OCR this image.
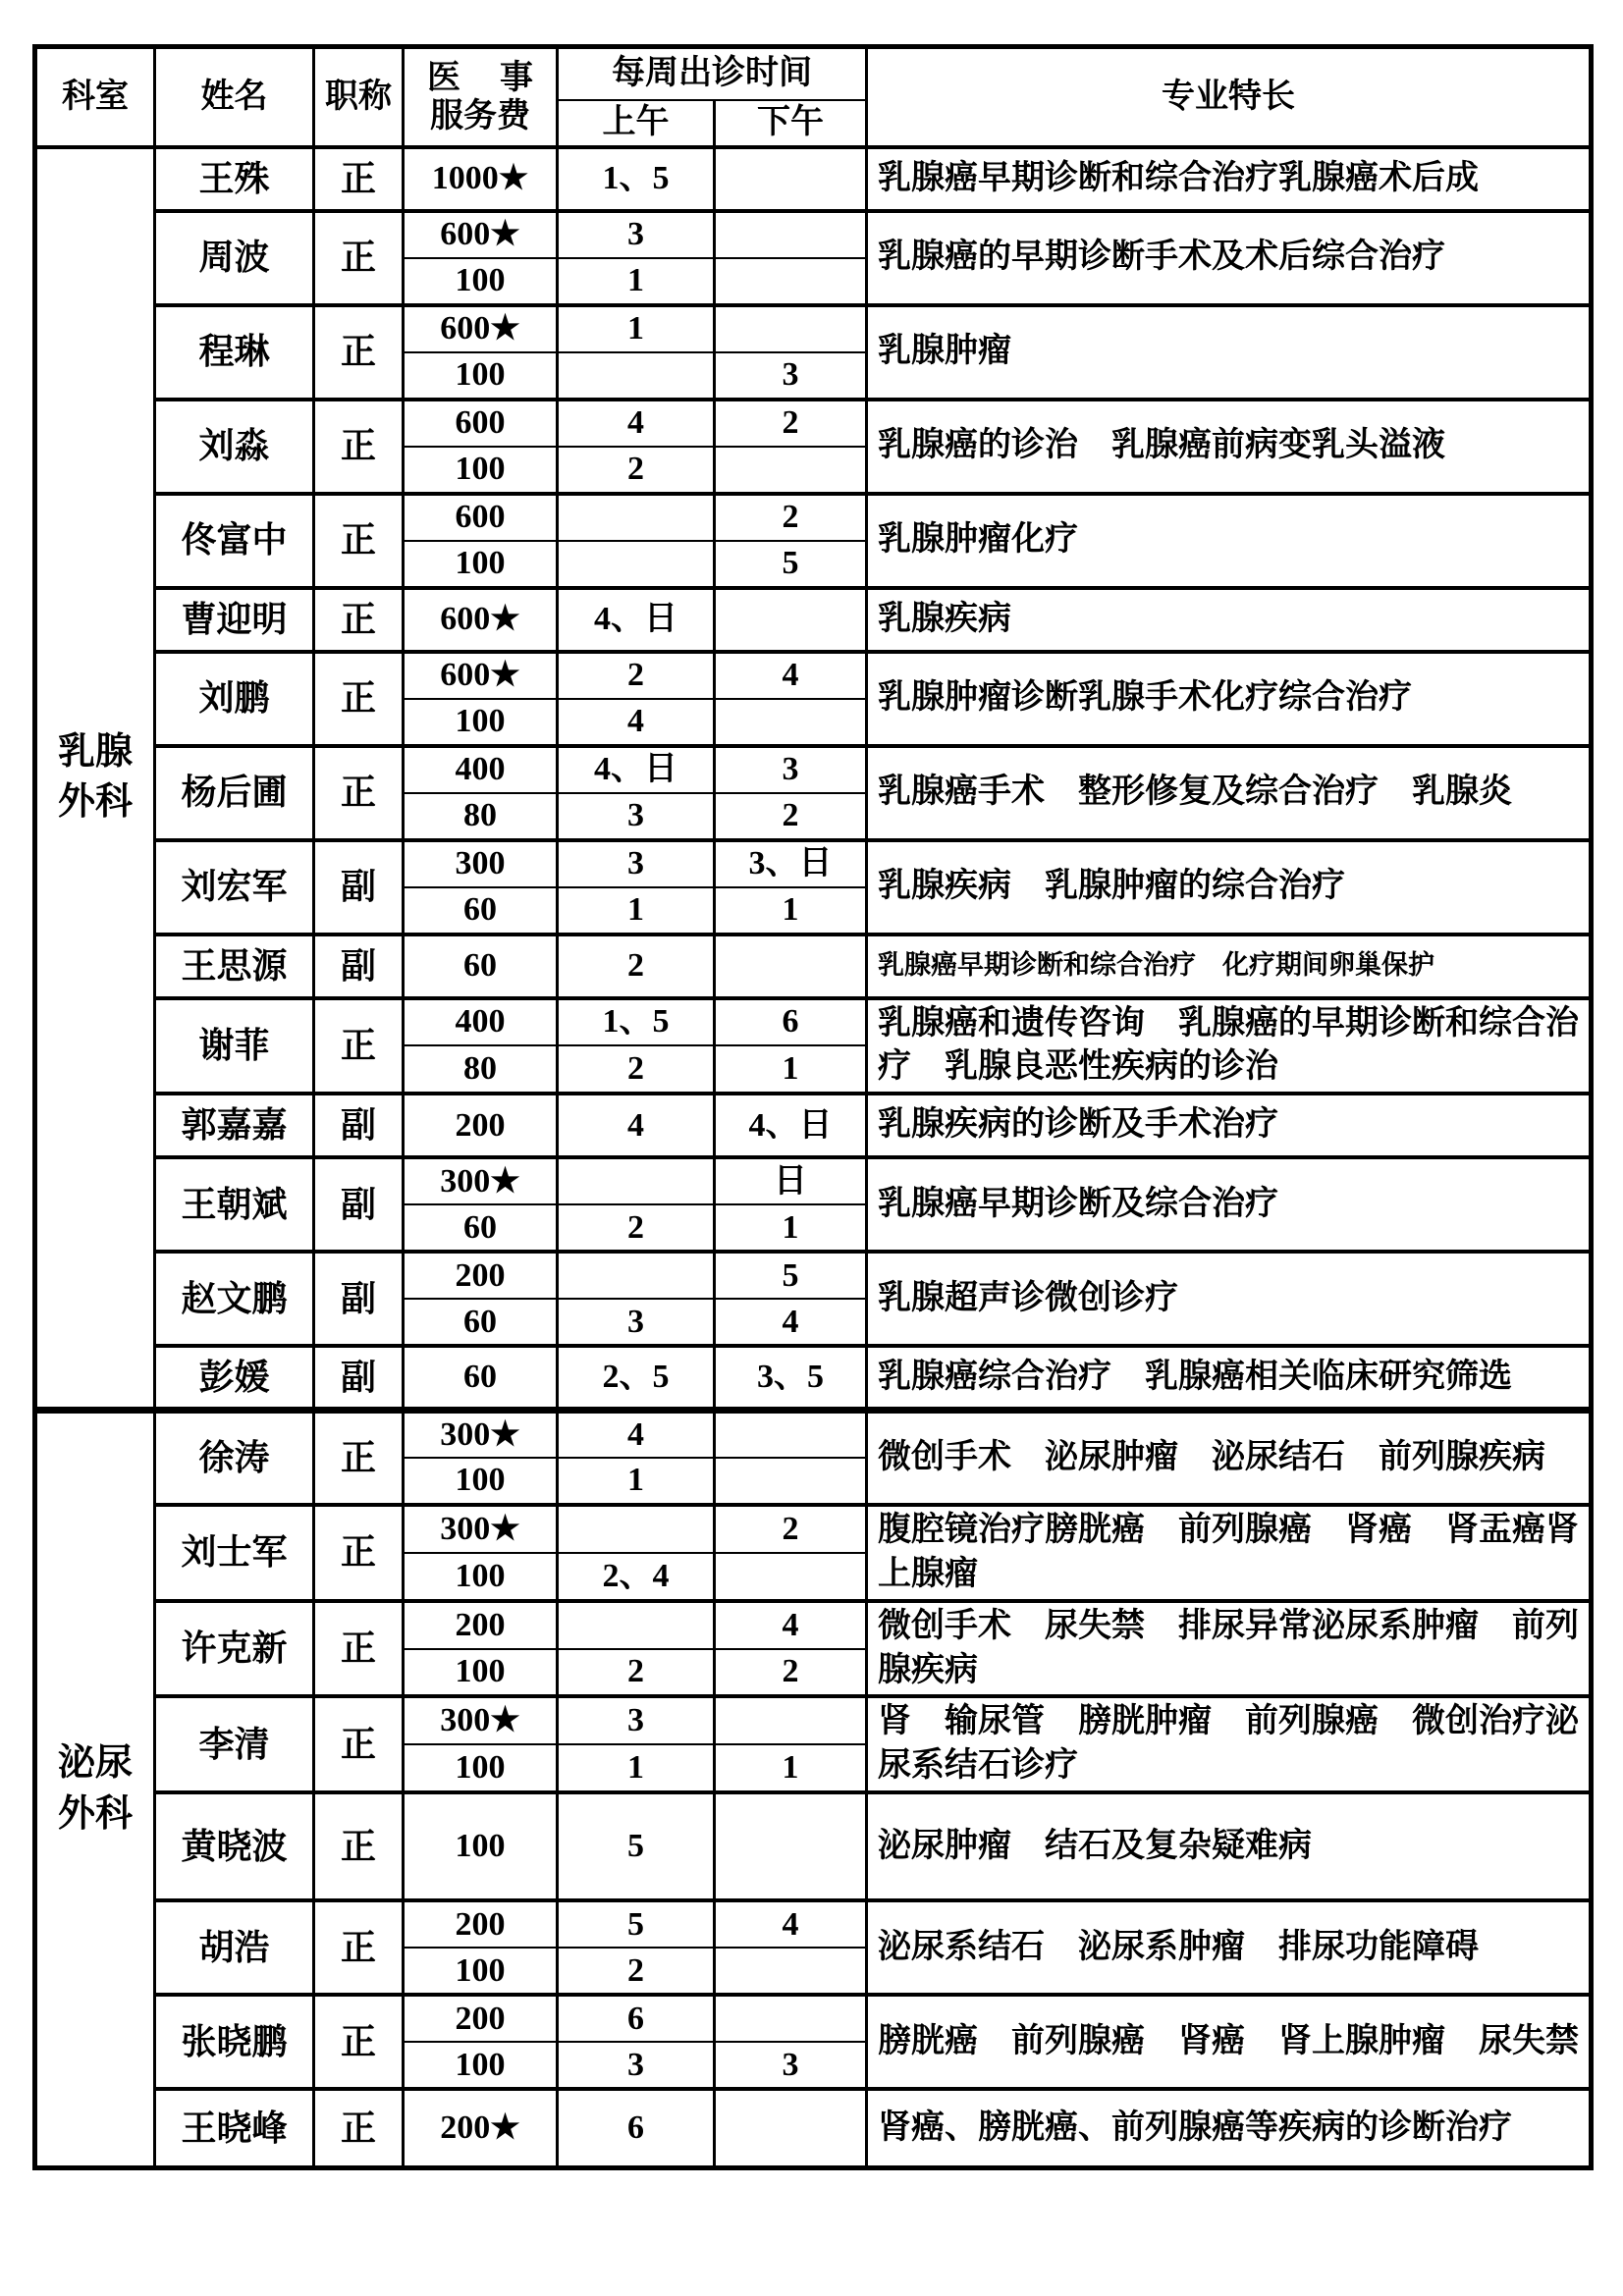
科室	姓名	职称	医 事
服务费	每周出诊时间		专业特长
				上午	下午	

乳腺
外科	王殊	正	1000★	1、5		乳腺癌早期诊断和综合治疗乳腺癌术后成
	周波	正	600★	3		乳腺癌的早期诊断手术及术后综合治疗
			100	1		
	程琳	正	600★	1		乳腺肿瘤
			100		3	
	刘淼	正	600	4	2	乳腺癌的诊治　乳腺癌前病变乳头溢液
			100	2		
	佟富中	正	600		2	乳腺肿瘤化疗
			100		5	
	曹迎明	正	600★	4、日		乳腺疾病
	刘鹏	正	600★	2	4	乳腺肿瘤诊断乳腺手术化疗综合治疗
			100	4		
	杨后圃	正	400	4、日	3	乳腺癌手术　整形修复及综合治疗　乳腺炎
			80	3	2	
	刘宏军	副	300	3	3、日	乳腺疾病　乳腺肿瘤的综合治疗
			60	1	1	
	王思源	副	60	2		乳腺癌早期诊断和综合治疗　化疗期间卵巢保护
	谢菲	正	400	1、5	6	乳腺癌和遗传咨询　乳腺癌的早期诊断和综合治疗　乳腺良恶性疾病的诊治
			80	2	1	
	郭嘉嘉	副	200	4	4、日	乳腺疾病的诊断及手术治疗
	王朝斌	副	300★		日	乳腺癌早期诊断及综合治疗
			60	2	1	
	赵文鹏	副	200		5	乳腺超声诊微创诊疗
			60	3	4	
	彭媛	副	60	2、5	3、5	乳腺癌综合治疗　乳腺癌相关临床研究筛选

泌尿
外科	徐涛	正	300★	4		微创手术　泌尿肿瘤　泌尿结石　前列腺疾病
			100	1		
	刘士军	正	300★		2	腹腔镜治疗膀胱癌　前列腺癌　肾癌　肾盂癌肾上腺瘤
			100	2、4		
	许克新	正	200		4	微创手术　尿失禁　排尿异常泌尿系肿瘤　前列腺疾病
			100	2	2	
	李清	正	300★	3		肾　输尿管　膀胱肿瘤　前列腺癌　微创治疗泌尿系结石诊疗
			100	1	1	
	黄晓波	正	100	5		泌尿肿瘤　结石及复杂疑难病
	胡浩	正	200	5	4	泌尿系结石　泌尿系肿瘤　排尿功能障碍
			100	2		
	张晓鹏	正	200	6		膀胱癌　前列腺癌　肾癌　肾上腺肿瘤　尿失禁
			100	3	3	
	王晓峰	正	200★	6		肾癌、膀胱癌、前列腺癌等疾病的诊断治疗
